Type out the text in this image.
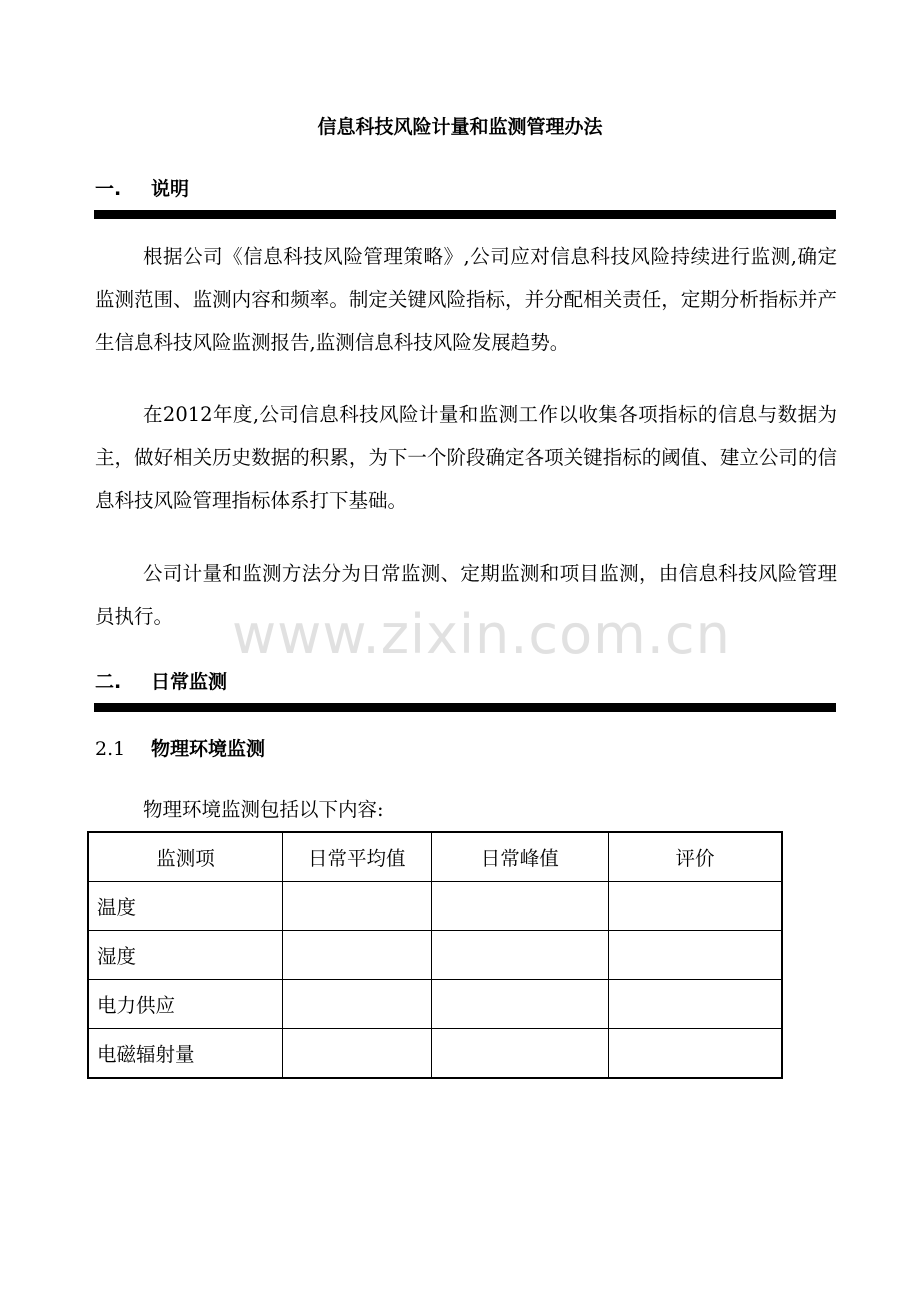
信息科技风险计量和监测管理办法
一. 说明

根据公司《信息科技风险管理策略》,公司应对信息科技风险持续进行监测,确定监测范围、监测内容和频率。制定关键风险指标，并分配相关责任，定期分析指标并产生信息科技风险监测报告,监测信息科技风险发展趋势。

在2012年度,公司信息科技风险计量和监测工作以收集各项指标的信息与数据为主，做好相关历史数据的积累，为下一个阶段确定各项关键指标的阈值、建立公司的信息科技风险管理指标体系打下基础。

公司计量和监测方法分为日常监测、定期监测和项目监测，由信息科技风险管理员执行。

二. 日常监测
2.1 物理环境监测
物理环境监测包括以下内容:
监测项	日常平均值	日常峰值	评价
温度			
湿度			
电力供应			
电磁辐射量			
www.zixin.com.cn
